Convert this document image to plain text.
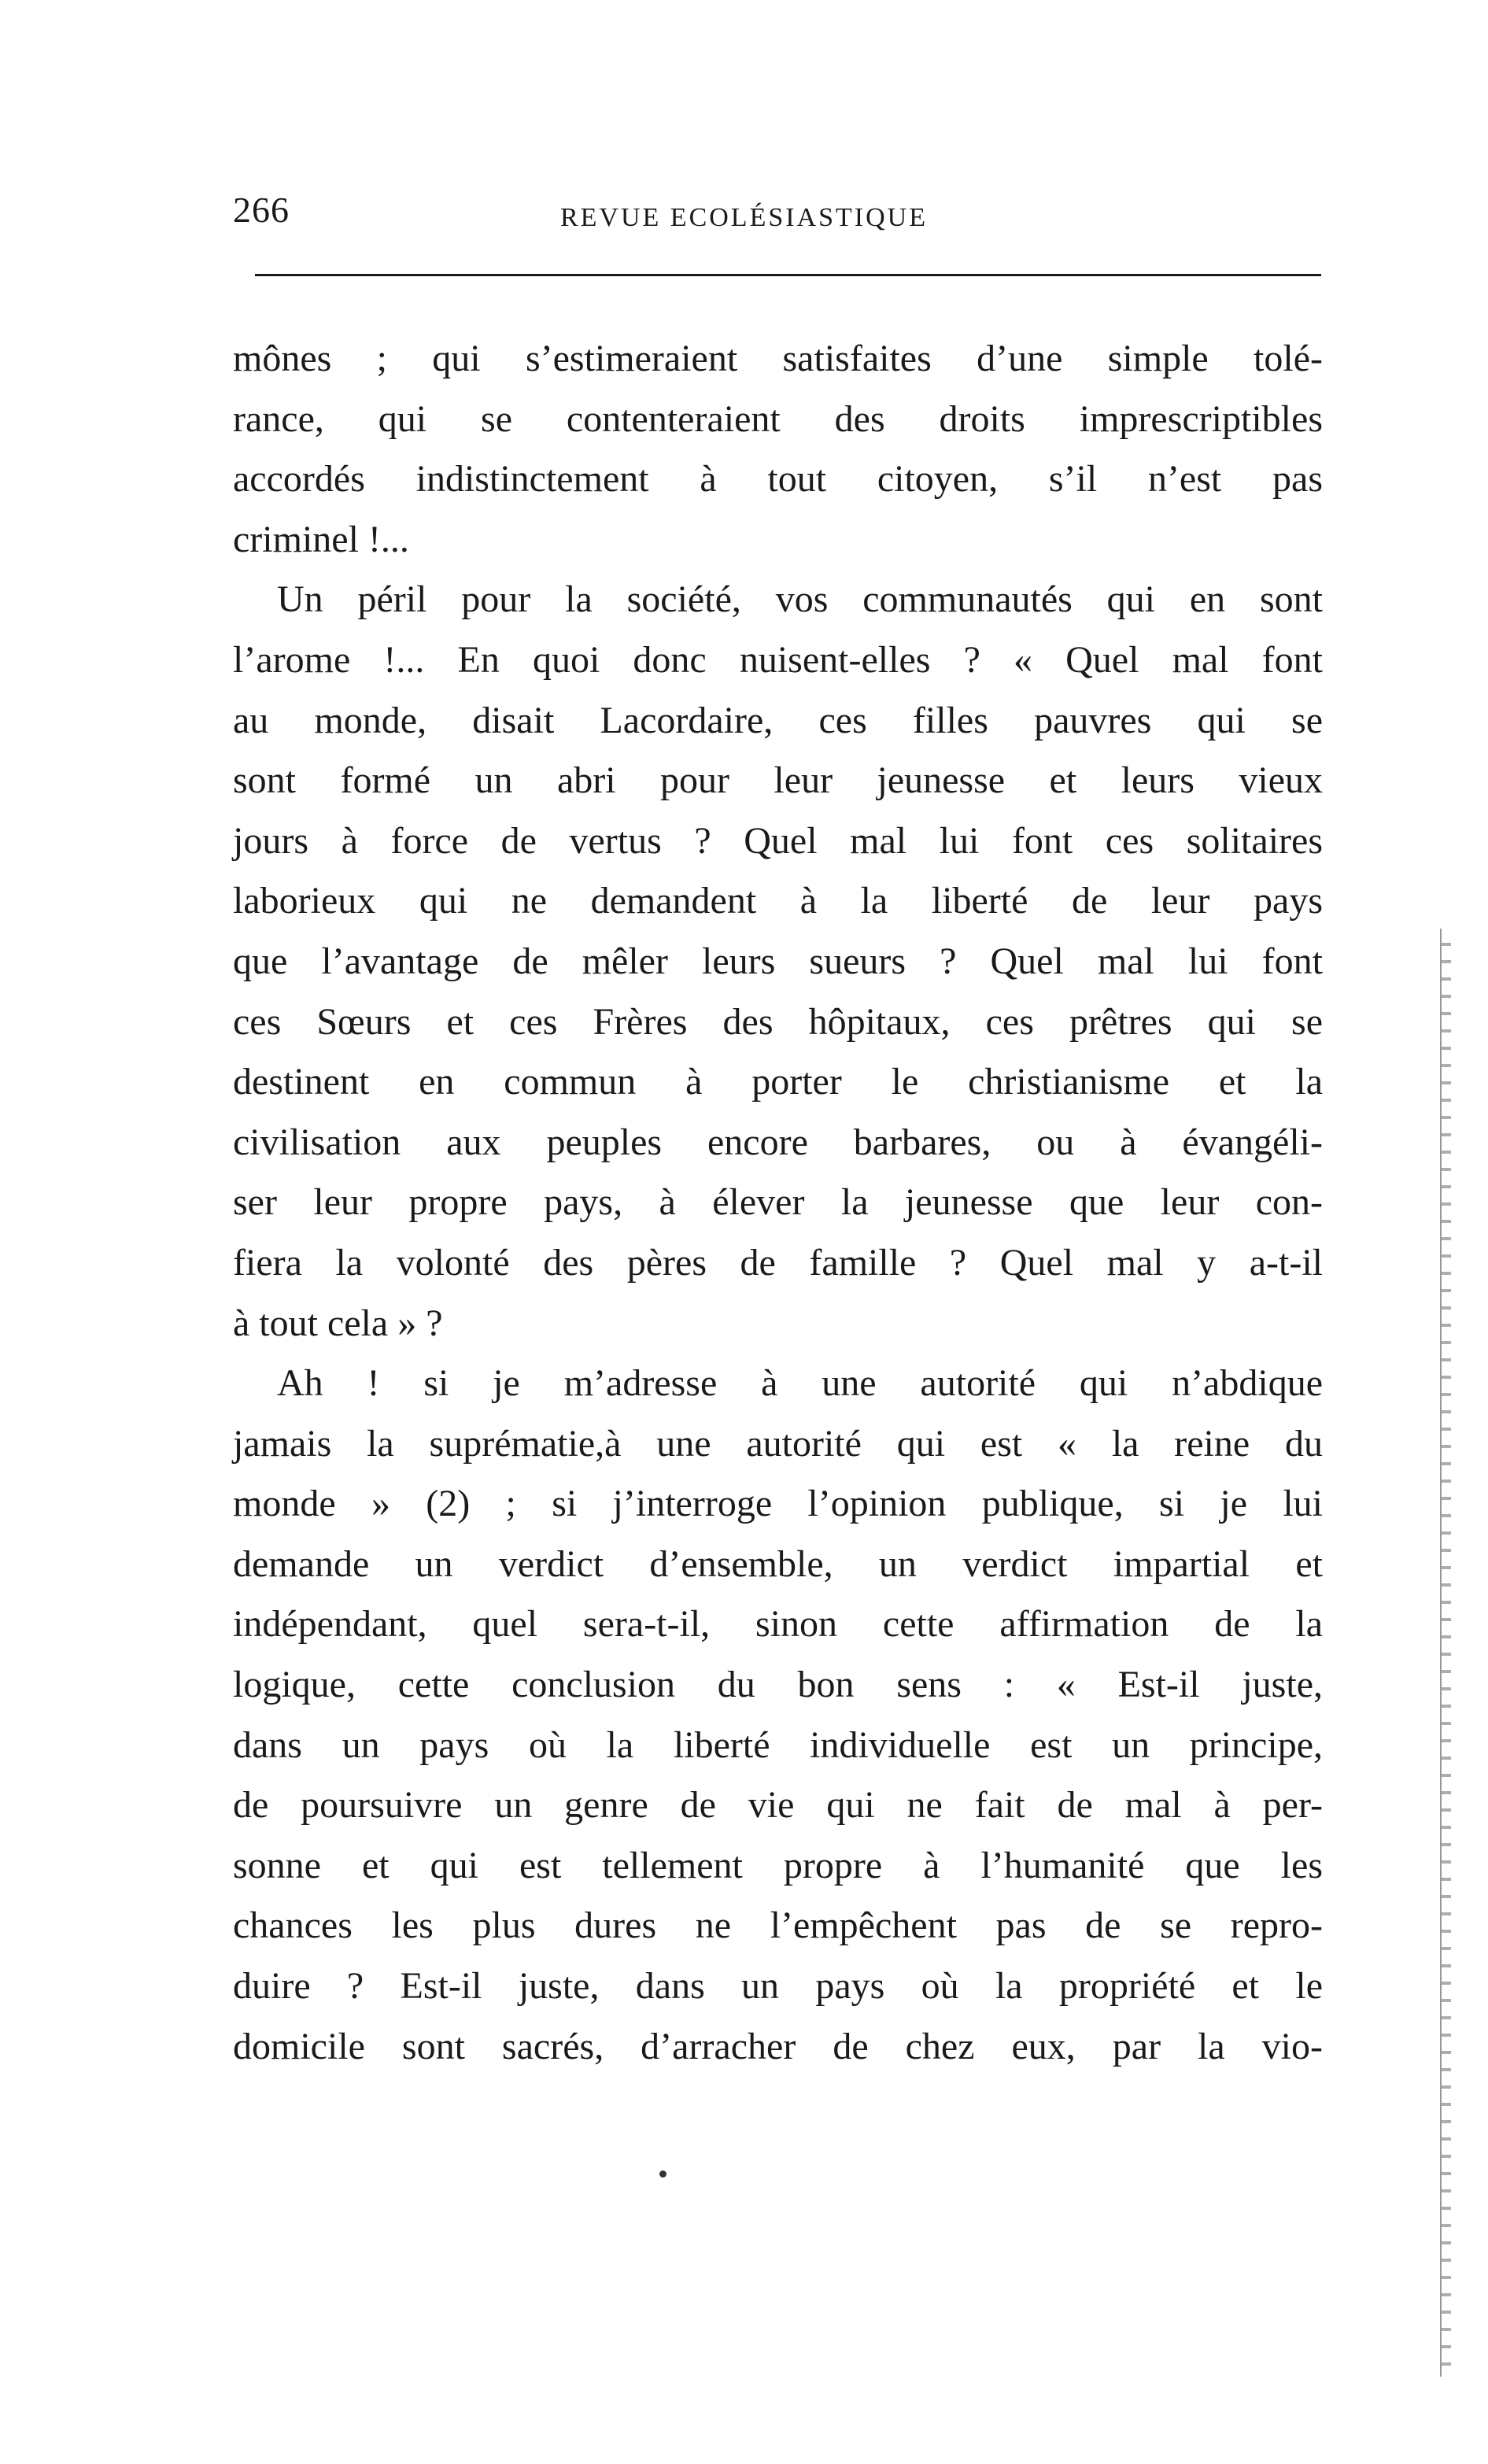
266	REVUE ECOLÉSIASTIQUE
mônes ; qui s’estimeraient satisfaites d’une simple tolé-
rance, qui se contenteraient des droits imprescriptibles
accordés indistinctement à tout citoyen, s’il n’est pas
criminel !...
Un péril pour la société, vos communautés qui en sont
l’arome !... En quoi donc nuisent-elles ? « Quel mal font
au monde, disait Lacordaire, ces filles pauvres qui se
sont formé un abri pour leur jeunesse et leurs vieux
jours à force de vertus ? Quel mal lui font ces solitaires
laborieux qui ne demandent à la liberté de leur pays
que l’avantage de mêler leurs sueurs ? Quel mal lui font
ces Sœurs et ces Frères des hôpitaux, ces prêtres qui se
destinent en commun à porter le christianisme et la
civilisation aux peuples encore barbares, ou à évangéli-
ser leur propre pays, à élever la jeunesse que leur con-
fiera la volonté des pères de famille ? Quel mal y a-t-il
à tout cela » ?
Ah ! si je m’adresse à une autorité qui n’abdique
jamais la suprématie,à une autorité qui est « la reine du
monde » (2) ; si j’interroge l’opinion publique, si je lui
demande un verdict d’ensemble, un verdict impartial et
indépendant, quel sera-t-il, sinon cette affirmation de la
logique, cette conclusion du bon sens : « Est-il juste,
dans un pays où la liberté individuelle est un principe,
de poursuivre un genre de vie qui ne fait de mal à per-
sonne et qui est tellement propre à l’humanité que les
chances les plus dures ne l’empêchent pas de se repro-
duire ? Est-il juste, dans un pays où la propriété et le
domicile sont sacrés, d’arracher de chez eux, par la vio-
